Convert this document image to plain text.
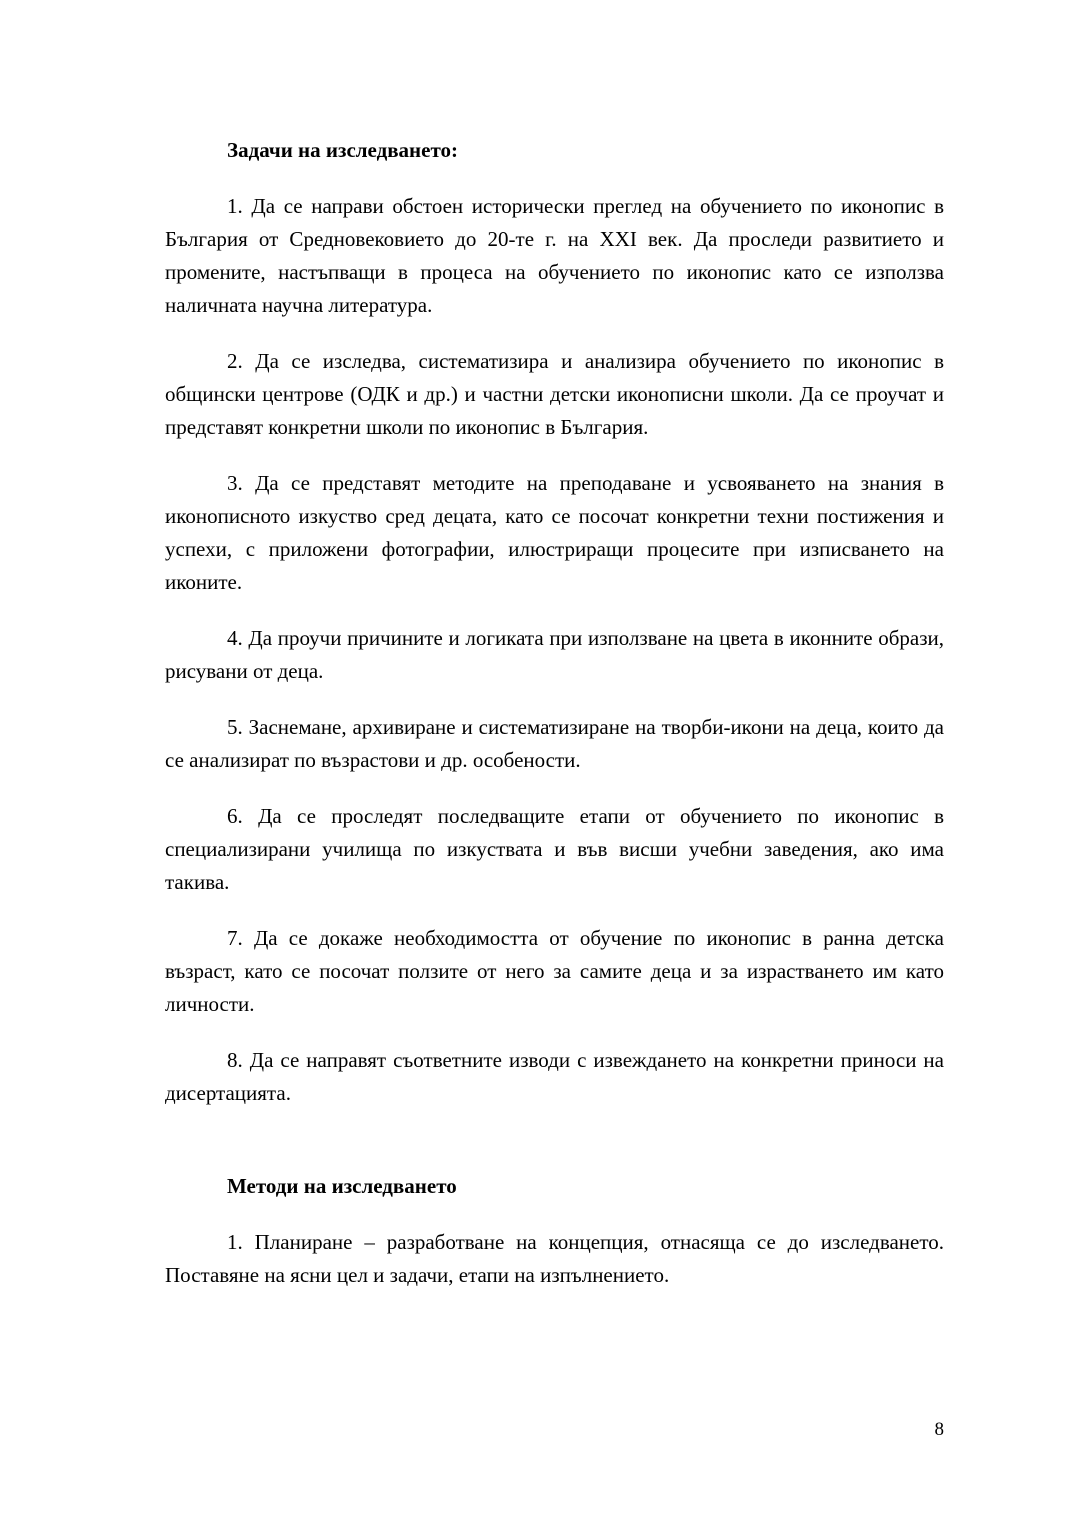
Задачи на изследването:

1. Да се направи обстоен исторически преглед на обучението по иконопис в България от Средновековието до 20-те г. на XXI век. Да проследи развитието и промените, настъпващи в процеса на обучението по иконопис като се използва наличната научна литература.

2. Да се изследва, систематизира и анализира обучението по иконопис в общински центрове (ОДК и др.) и частни детски иконописни школи. Да се проучат и представят конкретни школи по иконопис в България.

3. Да се представят методите на преподаване и усвояването на знания в иконописното изкуство сред децата, като се посочат конкретни техни постижения и успехи, с приложени фотографии, илюстриращи процесите при изписването на иконите.

4. Да проучи причините и логиката при използване на цвета в иконните образи, рисувани от деца.

5. Заснемане, архивиране и систематизиране на творби-икони на деца, които да се анализират по възрастови и др. особености.

6. Да се проследят последващите етапи от обучението по иконопис в специализирани училища по изкуствата и във висши учебни заведения, ако има такива.

7. Да се докаже необходимостта от обучение по иконопис в ранна детска възраст, като се посочат ползите от него за самите деца и за израстването им като личности.

8. Да се направят съответните изводи с извеждането на конкретни приноси на дисертацията.

Методи на изследването

1. Планиране – разработване на концепция, отнасяща се до изследването. Поставяне на ясни цел и задачи, етапи на изпълнението.

8
